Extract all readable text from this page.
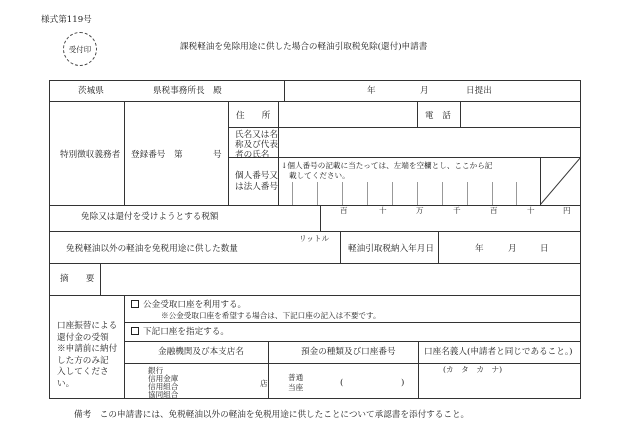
様式第119号
受付印	課税軽油を免除用途に供した場合の軽油引取税免除(還付)申請書
茨城県	県税事務所長　殿	年	月	日提出
特別徴収義務者 登録番号　第	号
住　　所	電　話
氏名又は名
称及び代表
者の氏名
個人番号又
は法人番号
↓個人番号の記載に当たっては、左端を空欄とし、ここから記
載してください。
免除又は還付を受けようとする税額
百	十	万	千	百	十	円
免税軽油以外の軽油を免税用途に供した数量
リットル
軽油引取税納入年月日	年	月	日
摘　　要
口座振替による
還付金の受領
※申請前に納付
した方のみ記
入してくださ
い。
公金受取口座を利用する。
※公金受取口座を希望する場合は、下記口座の記入は不要です。
下記口座を指定する。
金融機関及び本支店名	預金の種類及び口座番号	口座名義人(申請者と同じであること。)
銀行
信用金庫
信用組合
協同組合
店
普通
当座	(	)
(カ　タ　カ　ナ)
備考　この申請書には、免税軽油以外の軽油を免税用途に供したことについて承認書を添付すること。
